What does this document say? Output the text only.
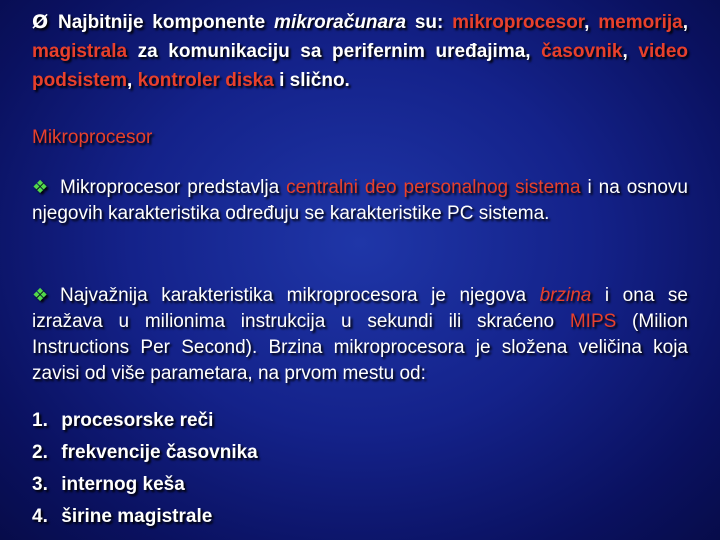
Ø Najbitnije komponente mikroračunara su: mikroprocesor, memorija, magistrala za komunikaciju sa perifernim uređajima, časovnik, video podsistem, kontroler diska i slično.
Mikroprocesor
❖ Mikroprocesor predstavlja centralni deo personalnog sistema i na osnovu njegovih karakteristika određuju se karakteristike PC sistema.
❖ Najvažnija karakteristika mikroprocesora je njegova brzina i ona se izražava u milionima instrukcija u sekundi ili skraćeno MIPS (Milion Instructions Per Second). Brzina mikroprocesora je složena veličina koja zavisi od više parametara, na prvom mestu od:
1. procesorske reči
2. frekvencije časovnika
3. internog keša
4. širine magistrale
